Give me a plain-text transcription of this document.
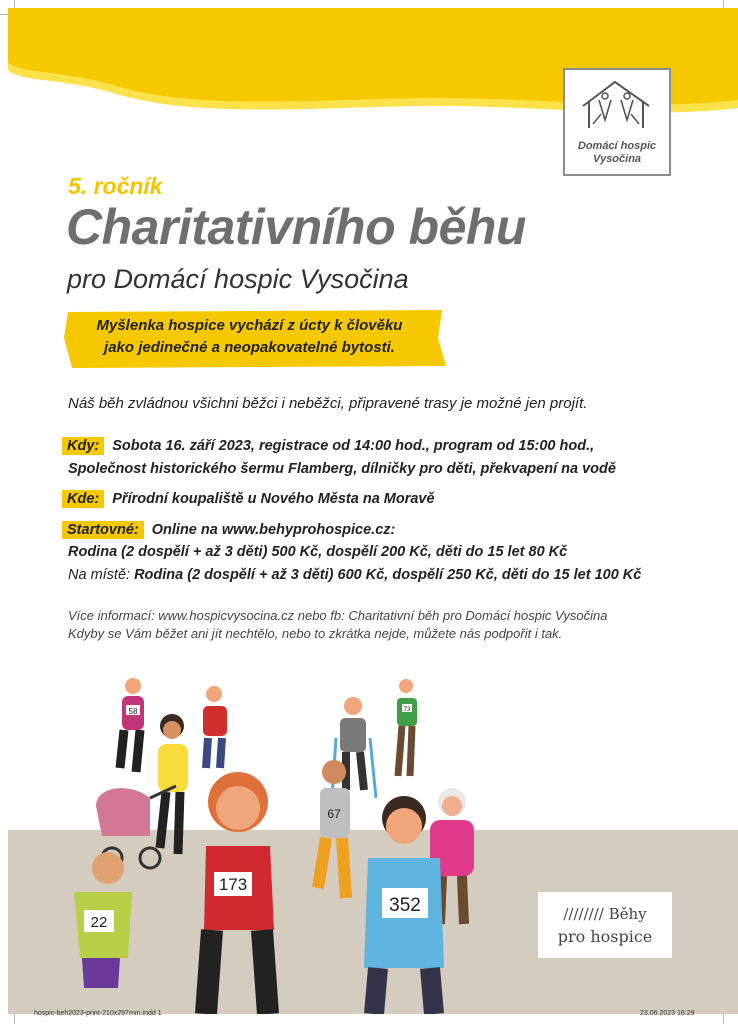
Domácí hospic
Vysočina
5. ročník
Charitativního běhu
pro Domácí hospic Vysočina
Myšlenka hospice vychází z úcty k člověku
jako jedinečné a neopakovatelné bytosti.
Náš běh zvládnou všichni běžci i neběžci, připravené trasy je možné jen projít.
Kdy: Sobota 16. září 2023, registrace od 14:00 hod., program od 15:00 hod.,
Společnost historického šermu Flamberg, dílničky pro děti, překvapení na vodě
Kde: Přírodní koupaliště u Nového Města na Moravě
Startovné: Online na www.behyprohospice.cz:
Rodina (2 dospělí + až 3 děti) 500 Kč, dospělí 200 Kč, děti do 15 let 80 Kč
Na místě: Rodina (2 dospělí + až 3 děti) 600 Kč, dospělí 250 Kč, děti do 15 let 100 Kč
Více informací: www.hospicvysocina.cz nebo fb: Charitativní běh pro Domácí hospic Vysočina
Kdyby se Vám běžet ani jít nechtělo, nebo to zkrátka nejde, můžete nás podpořit i tak.
58	73
67
173
22
352	//////// Běhy
pro hospice
hospic-beh2023-print-210x297mm.indd 1	23.06.2023 16:29
